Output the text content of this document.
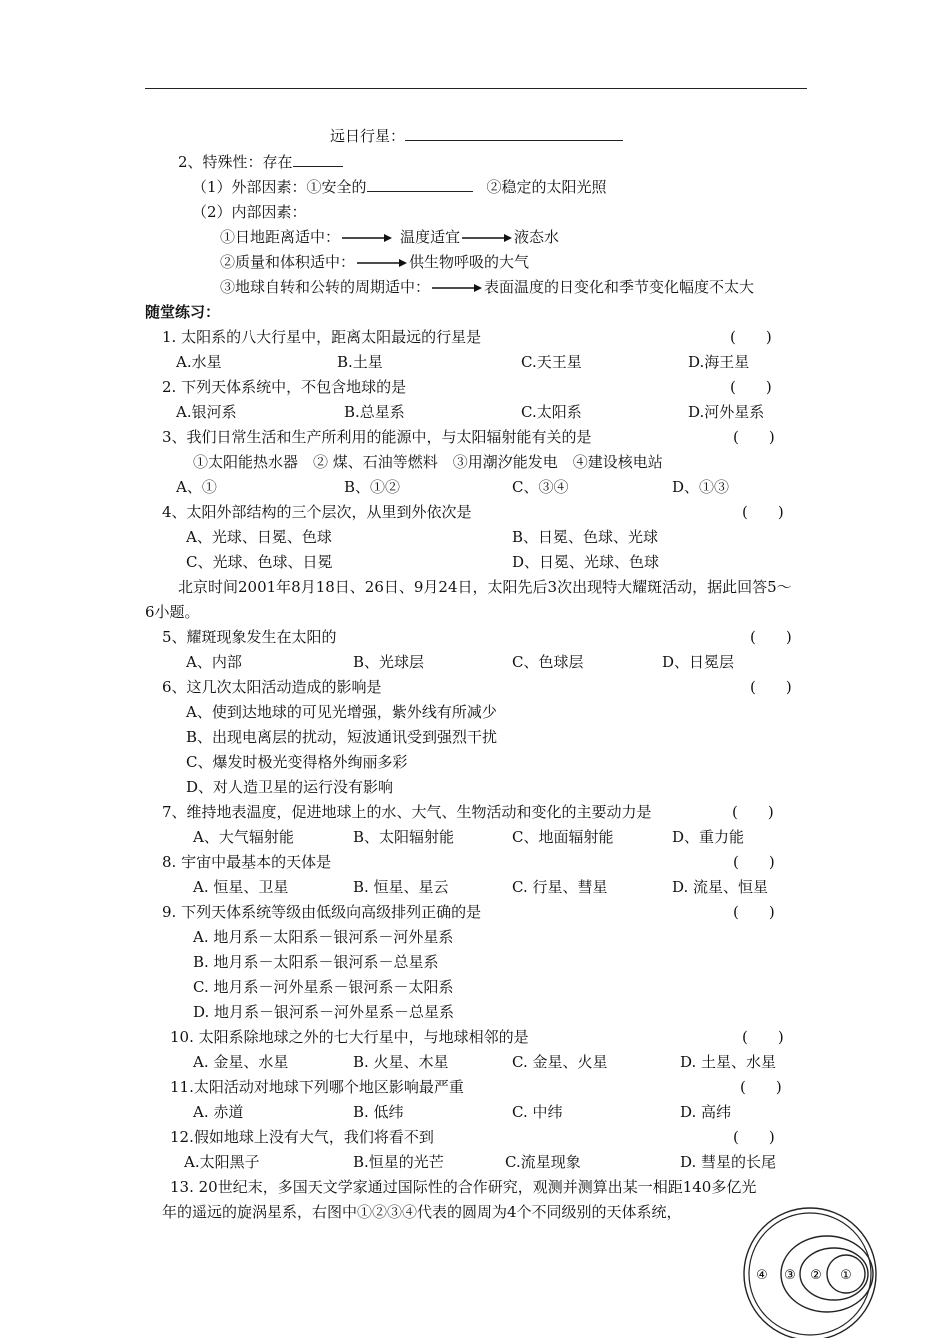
远日行星：
2、特殊性：存在
（1）外部因素：①安全的	②稳定的太阳光照
（2）内部因素：
①日地距离适中：	温度适宜	液态水
②质量和体积适中：	供生物呼吸的大气
③地球自转和公转的周期适中：	表面温度的日变化和季节变化幅度不太大
随堂练习：
1. 太阳系的八大行星中，距离太阳最远的行星是	(　　)
A.水星	B.土星	C.天王星	D.海王星
2. 下列天体系统中，不包含地球的是	(　　)
A.银河系	B.总星系	C.太阳系	D.河外星系
3、我们日常生活和生产所利用的能源中，与太阳辐射能有关的是	(　　)
①太阳能热水器　② 煤、石油等燃料　③用潮汐能发电　④建设核电站
A、①	B、①②	C、③④	D、①③
4、太阳外部结构的三个层次，从里到外依次是	(　　)
A、光球、日冕、色球	B、日冕、色球、光球
C、光球、色球、日冕	D、日冕、光球、色球
北京时间2001年8月18日、26日、9月24日，太阳先后3次出现特大耀斑活动，据此回答5～
6小题。
5、耀斑现象发生在太阳的	(　　)
A、内部	B、光球层	C、色球层	D、日冕层
6、这几次太阳活动造成的影响是	(　　)
A、使到达地球的可见光增强，紫外线有所减少
B、出现电离层的扰动，短波通讯受到强烈干扰
C、爆发时极光变得格外绚丽多彩
D、对人造卫星的运行没有影响
7、维持地表温度，促进地球上的水、大气、生物活动和变化的主要动力是	(　　)
A、大气辐射能	B、太阳辐射能	C、地面辐射能	D、重力能
8. 宇宙中最基本的天体是	(　　)
A. 恒星、卫星	B. 恒星、星云	C. 行星、彗星	D. 流星、恒星
9. 下列天体系统等级由低级向高级排列正确的是	(　　)
A. 地月系－太阳系－银河系－河外星系
B. 地月系－太阳系－银河系－总星系
C. 地月系－河外星系－银河系－太阳系
D. 地月系－银河系－河外星系－总星系
10. 太阳系除地球之外的七大行星中，与地球相邻的是	(　　)
A. 金星、水星	B. 火星、木星	C. 金星、火星	D. 土星、水星
11.太阳活动对地球下列哪个地区影响最严重	(　　)
A. 赤道	B. 低纬	C. 中纬	D. 高纬
12.假如地球上没有大气，我们将看不到	(　　)
A.太阳黑子	B.恒星的光芒	C.流星现象	D. 彗星的长尾
13. 20世纪末，多国天文学家通过国际性的合作研究，观测并测算出某一相距140多亿光
年的遥远的旋涡星系，右图中①②③④代表的圆周为4个不同级别的天体系统，
④ ③ ② ①
